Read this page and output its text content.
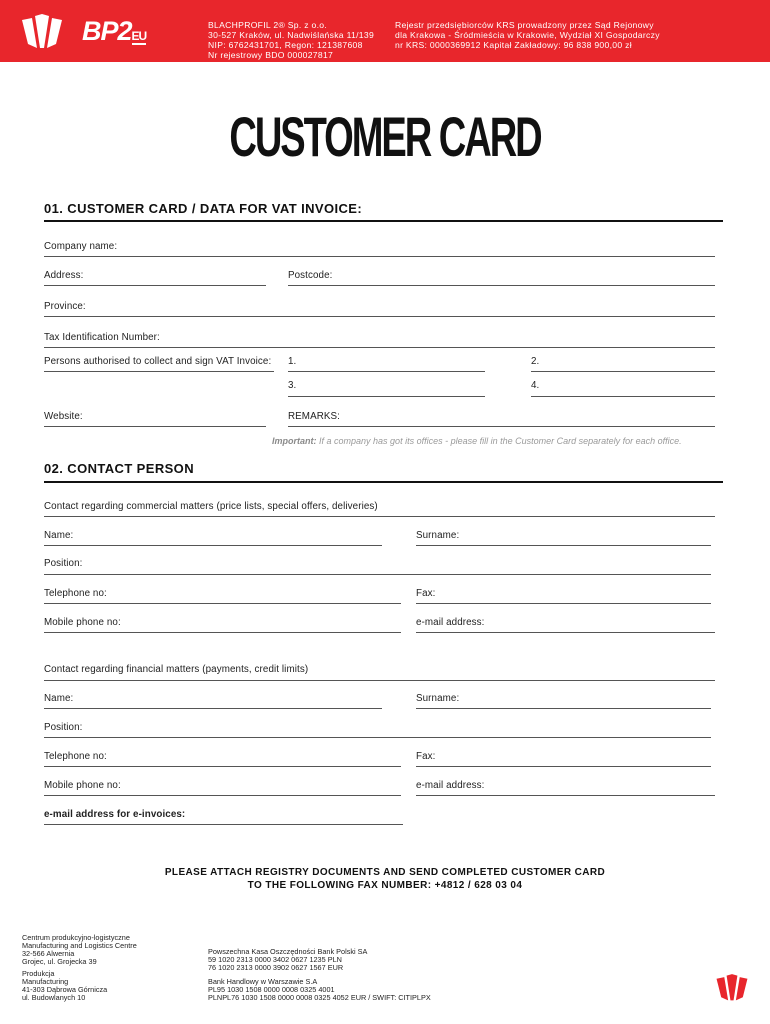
BP2EU
BLACHPROFIL 2® Sp. z o.o.
30-527 Kraków, ul. Nadwiślańska 11/139
NIP: 6762431701, Regon: 121387608
Nr rejestrowy BDO 000027817
Rejestr przedsiębiorców KRS prowadzony przez Sąd Rejonowy
dla Krakowa - Śródmieścia w Krakowie, Wydział XI Gospodarczy
nr KRS: 0000369912 Kapitał Zakładowy: 96 838 900,00 zł
CUSTOMER CARD
01. CUSTOMER CARD / DATA FOR VAT INVOICE:
Company name:
Address:	Postcode:
Province:
Tax Identification Number:
Persons authorised to collect and sign VAT Invoice: 1.	2.
3.	4.
Website:	REMARKS:
Important: If a company has got its offices - please fill in the Customer Card separately for each office.
02. CONTACT PERSON
Contact regarding commercial matters (price lists, special offers, deliveries)
Name:	Surname:
Position:
Telephone no:	Fax:
Mobile phone no:	e-mail address:
Contact regarding financial matters (payments, credit limits)
Name:	Surname:
Position:
Telephone no:	Fax:
Mobile phone no:	e-mail address:
e-mail address for e-invoices:
PLEASE ATTACH REGISTRY DOCUMENTS AND SEND COMPLETED CUSTOMER CARD
TO THE FOLLOWING FAX NUMBER: +4812 / 628 03 04
Centrum produkcyjno-logistyczne
Manufacturing and Logistics Centre
32-566 Alwernia
Grojec, ul. Grojecka 39
Produkcja
Manufacturing
41-303 Dąbrowa Górnicza
ul. Budowlanych 10
Powszechna Kasa Oszczędności Bank Polski SA
59 1020 2313 0000 3402 0627 1235 PLN
76 1020 2313 0000 3902 0627 1567 EUR
Bank Handlowy w Warszawie S.A
PL95 1030 1508 0000 0008 0325 4001
PLNPL76 1030 1508 0000 0008 0325 4052 EUR / SWIFT: CITIPLPX
